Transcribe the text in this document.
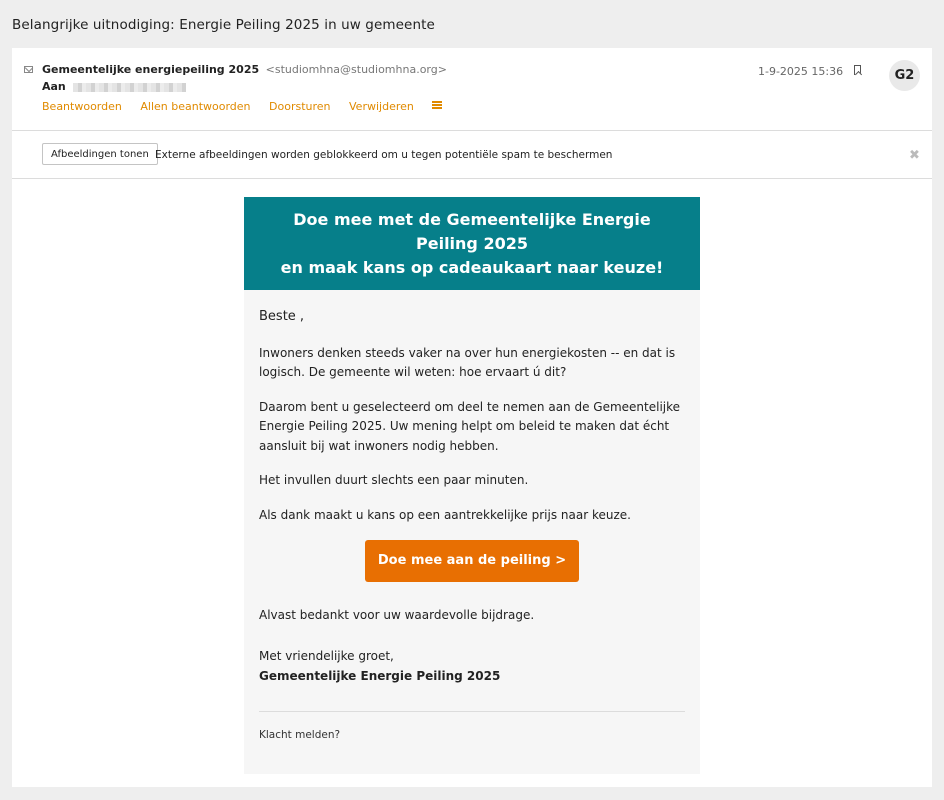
Belangrijke uitnodiging: Energie Peiling 2025 in uw gemeente
Gemeentelijke energiepeiling 2025 <studiomhna@studiomhna.org>
Aan
Beantwoorden Allen beantwoorden Doorsturen Verwijderen
1-9-2025 15:36	G2
Afbeeldingen tonen Externe afbeeldingen worden geblokkeerd om u tegen potentiële spam te beschermen	✖
Doe mee met de Gemeentelijke Energie Peiling 2025
en maak kans op cadeaukaart naar keuze!

Beste ,

Inwoners denken steeds vaker na over hun energiekosten -- en dat is logisch. De gemeente wil weten: hoe ervaart ú dit?

Daarom bent u geselecteerd om deel te nemen aan de Gemeentelijke Energie Peiling 2025. Uw mening helpt om beleid te maken dat écht aansluit bij wat inwoners nodig hebben.

Het invullen duurt slechts een paar minuten.

Als dank maakt u kans op een aantrekkelijke prijs naar keuze.

Doe mee aan de peiling >

Alvast bedankt voor uw waardevolle bijdrage.

Met vriendelijke groet,
Gemeentelijke Energie Peiling 2025
Klacht melden?
